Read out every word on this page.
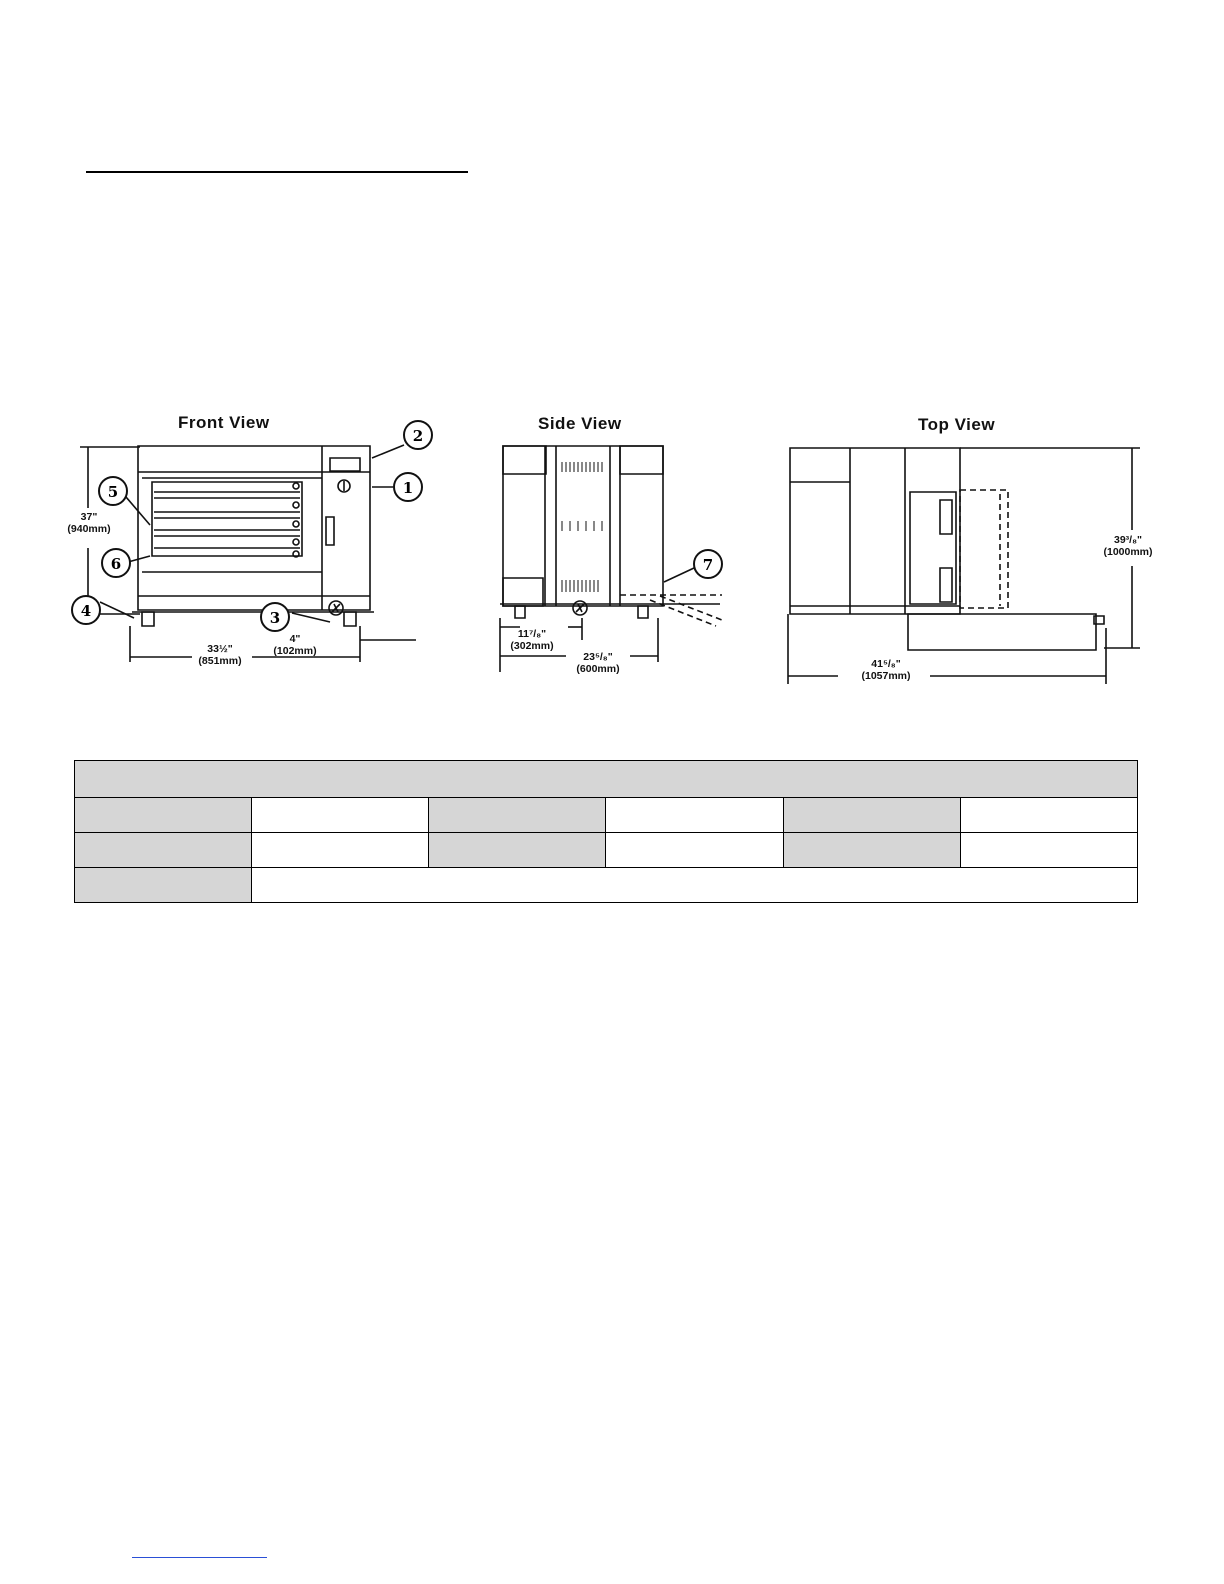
Front View	Side View	Top View
1
2
3
4
5
6	7
37"
(940mm)
33½"
(851mm)
4"
(102mm)
11⁷/₈"
(302mm)
23⁵/₈"
(600mm)
39³/₈"
(1000mm)
41⁵/₈"
(1057mm)
